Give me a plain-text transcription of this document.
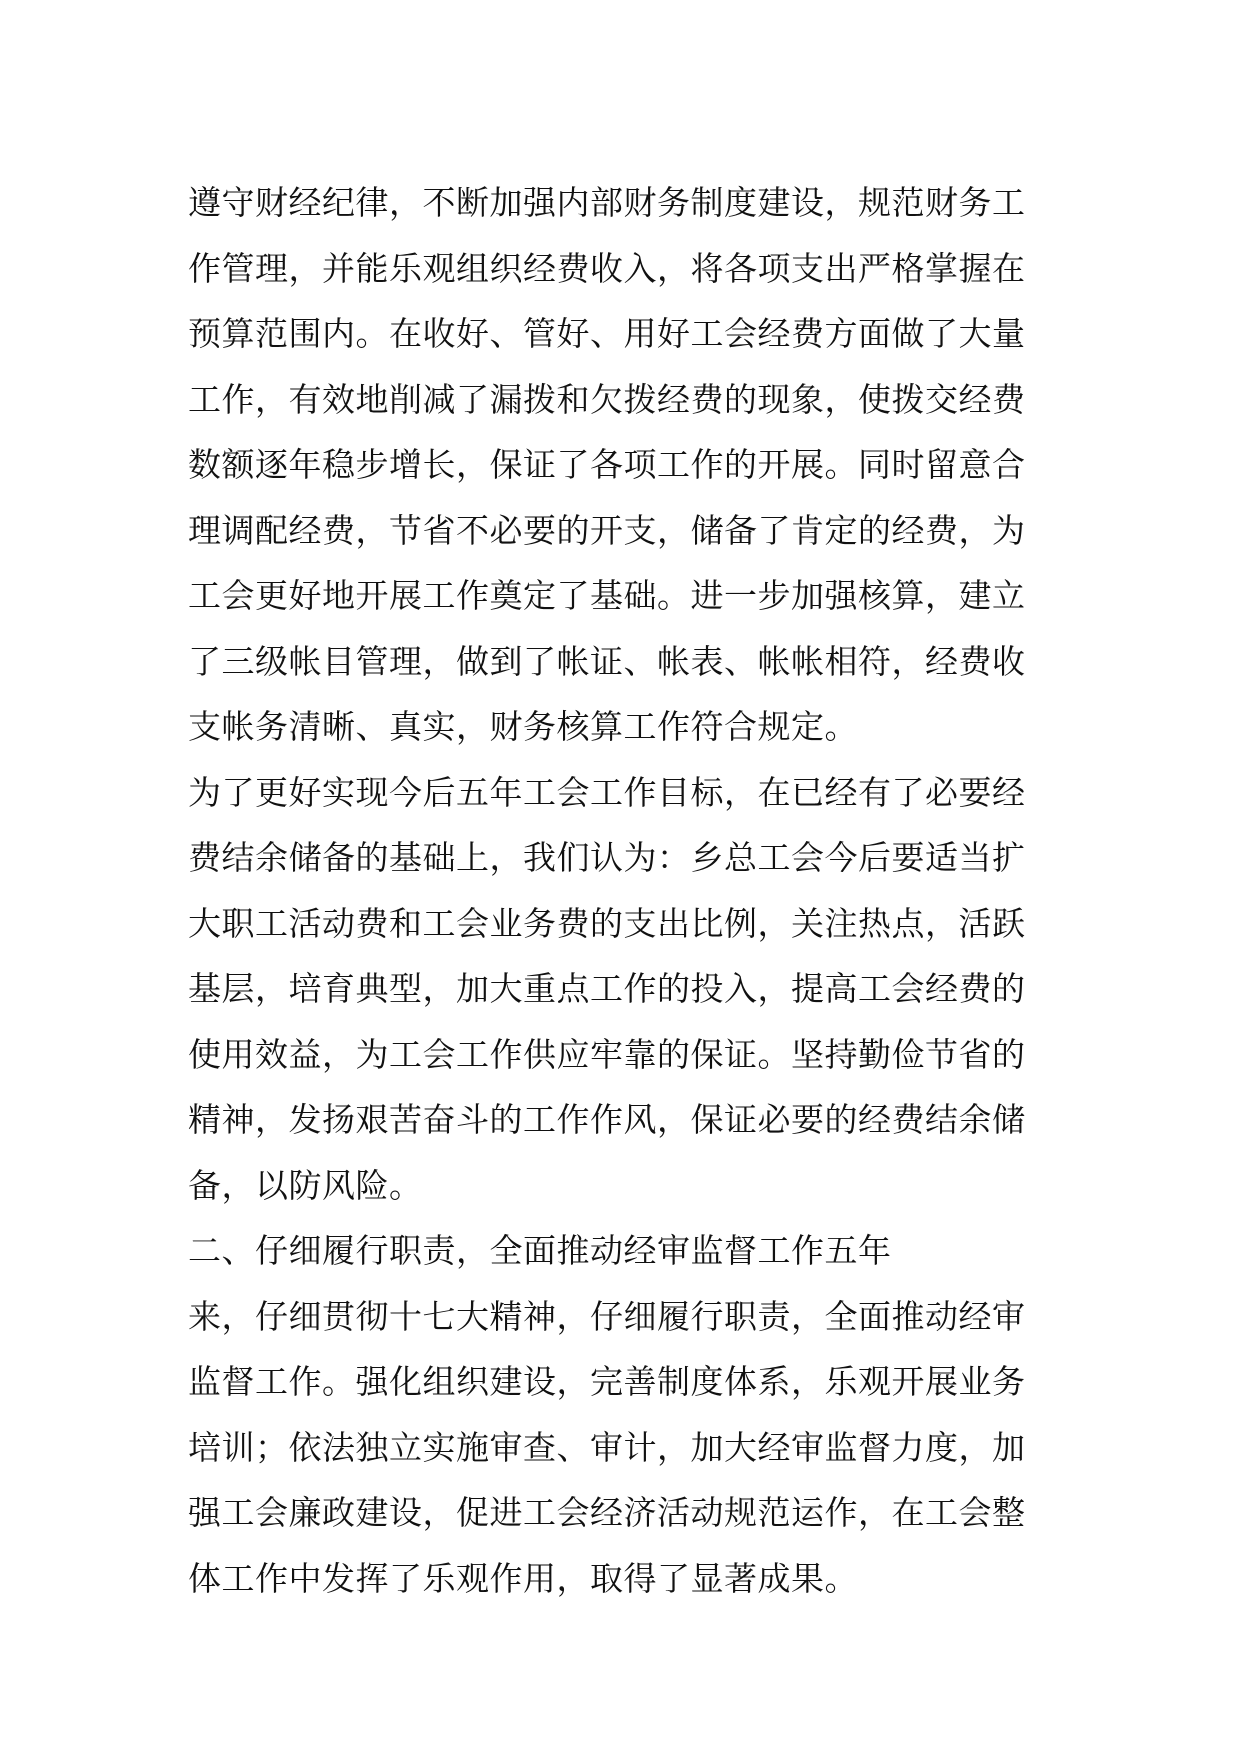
遵守财经纪律，不断加强内部财务制度建设，规范财务工
作管理，并能乐观组织经费收入，将各项支出严格掌握在
预算范围内。在收好、管好、用好工会经费方面做了大量
工作，有效地削减了漏拨和欠拨经费的现象，使拨交经费
数额逐年稳步增长，保证了各项工作的开展。同时留意合
理调配经费，节省不必要的开支，储备了肯定的经费，为
工会更好地开展工作奠定了基础。进一步加强核算，建立
了三级帐目管理，做到了帐证、帐表、帐帐相符，经费收
支帐务清晰、真实，财务核算工作符合规定。
为了更好实现今后五年工会工作目标，在已经有了必要经
费结余储备的基础上，我们认为：乡总工会今后要适当扩
大职工活动费和工会业务费的支出比例，关注热点，活跃
基层，培育典型，加大重点工作的投入，提高工会经费的
使用效益，为工会工作供应牢靠的保证。坚持勤俭节省的
精神，发扬艰苦奋斗的工作作风，保证必要的经费结余储
备，以防风险。
二、仔细履行职责，全面推动经审监督工作五年
来，仔细贯彻十七大精神，仔细履行职责，全面推动经审
监督工作。强化组织建设，完善制度体系，乐观开展业务
培训；依法独立实施审查、审计，加大经审监督力度，加
强工会廉政建设，促进工会经济活动规范运作，在工会整
体工作中发挥了乐观作用，取得了显著成果。
